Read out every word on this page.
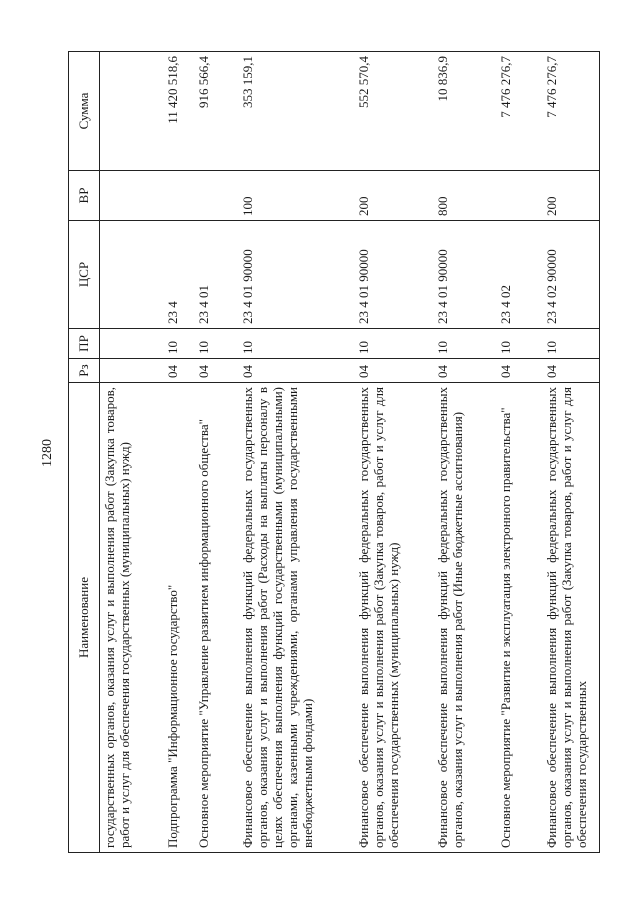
1280
Наименование	Рз	ПР	ЦСР	ВР	Сумма
государственных органов, оказания услуг и выполнения работ (Закупка товаров, работ и услуг для обеспечения государственных (муниципальных) нужд)					
Подпрограмма "Информационное государство"	04	10	23 4		11 420 518,6
Основное мероприятие "Управление развитием информационного общества"	04	10	23 4 01		916 566,4
Финансовое обеспечение выполнения функций федеральных государственных органов, оказания услуг и выполнения работ (Расходы на выплаты персоналу в целях обеспечения выполнения функций государственными (муниципальными) органами, казенными учреждениями, органами управления государственными внебюджетными фондами)	04	10	23 4 01 90000	100	353 159,1
Финансовое обеспечение выполнения функций федеральных государственных органов, оказания услуг и выполнения работ (Закупка товаров, работ и услуг для обеспечения государственных (муниципальных) нужд)	04	10	23 4 01 90000	200	552 570,4
Финансовое обеспечение выполнения функций федеральных государственных органов, оказания услуг и выполнения работ (Иные бюджетные ассигнования)	04	10	23 4 01 90000	800	10 836,9
Основное мероприятие "Развитие и эксплуатация электронного правительства"	04	10	23 4 02		7 476 276,7
Финансовое обеспечение выполнения функций федеральных государственных органов, оказания услуг и выполнения работ (Закупка товаров, работ и услуг для обеспечения государственных	04	10	23 4 02 90000	200	7 476 276,7
